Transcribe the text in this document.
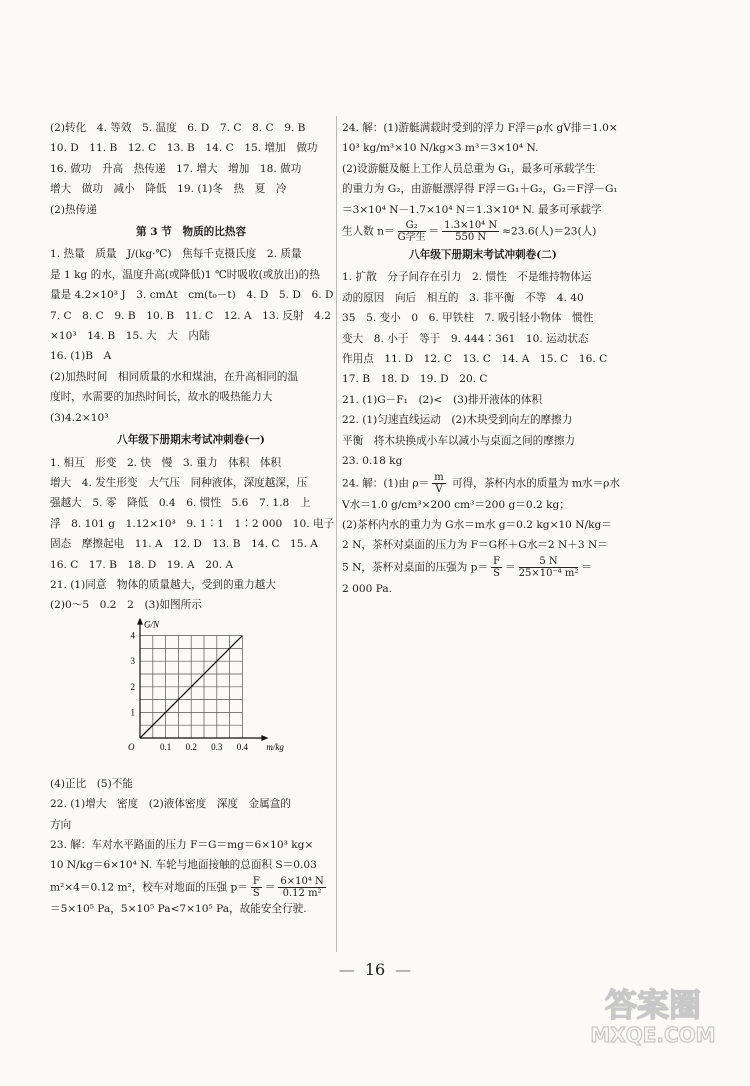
(2)转化　4. 等效　5. 温度　6. D　7. C　8. C　9. B
10. D　11. B　12. C　13. B　14. C　15. 增加　做功
16. 做功　升高　热传递　17. 增大　增加　18. 做功
增大　做功　减小　降低　19. (1)冬　热　夏　冷
(2)热传递
第 3 节　物质的比热容
1. 热量　质量　J/(kg·℃)　焦每千克摄氏度　2. 质量
是 1 kg 的水，温度升高(或降低)1 ℃时吸收(或放出)的热
量是 4.2×10³ J　3. cmΔt　cm(t₀－t)　4. D　5. D　6. D
7. C　8. C　9. B　10. B　11. C　12. A　13. 反射　4.2
×10³　14. B　15. 大　大　内陆
16. (1)B　A
(2)加热时间　相同质量的水和煤油，在升高相同的温
度时，水需要的加热时间长，故水的吸热能力大
(3)4.2×10³
八年级下册期末考试冲刺卷(一)
1. 相互　形变　2. 快　慢　3. 重力　体积　体积
增大　4. 发生形变　大气压　同种液体，深度越深，压
强越大　5. 零　降低　0.4　6. 惯性　5.6　7. 1.8　上
浮　8. 101 g　1.12×10³　9. 1∶1　1∶2 000　10. 电子
固态　摩擦起电　11. A　12. D　13. B　14. C　15. A
16. C　17. B　18. D　19. A　20. A
21. (1)同意　物体的质量越大，受到的重力越大
(2)0～5　0.2　2　(3)如图所示
0.1 0.2 0.3 0.4
1
2
3
4
O
G/N
m/kg
(4)正比　(5)不能
22. (1)增大　密度　(2)液体密度　深度　金属盒的
方向
23. 解：车对水平路面的压力 F＝G＝mg＝6×10³ kg×
10 N/kg＝6×10⁴ N. 车轮与地面接触的总面积 S＝0.03
m²×4＝0.12 m²，校车对地面的压强 $p= \frac{F}{S} = \frac{\text{6×10⁴ N}}{\text{0.12 m²}}$
＝5×10⁵ Pa，5×10⁵ Pa<7×10⁵ Pa，故能安全行驶.
24. 解：(1)游艇满载时受到的浮力 F浮＝ρ水 gV排＝1.0×
10³ kg/m³×10 N/kg×3 m³＝3×10⁴ N.
(2)设游艇及艇上工作人员总重为 G₁，最多可承载学生
的重力为 G₂，由游艇漂浮得 F浮＝G₁＋G₂，G₂＝F浮－G₁
＝3×10⁴ N－1.7×10⁴ N＝1.3×10⁴ N. 最多可承载学
生人数 $n= \frac{\text{G₂}}{\text{G学生}} = \frac{\text{1.3×10⁴ N}}{550 N} \approx 23.6$(人)＝23(人)
八年级下册期末考试冲刺卷(二)
1. 扩散　分子间存在引力　2. 惯性　不是维持物体运
动的原因　向后　相互的　3. 非平衡　不等　4. 40
35　5. 变小　0　6. 甲铁柱　7. 吸引轻小物体　惯性
变大　8. 小于　等于　9. 444∶361　10. 运动状态
作用点　11. D　12. C　13. C　14. A　15. C　16. C
17. B　18. D　19. D　20. C
21. (1)G－F₁　(2)<　(3)排开液体的体积
22. (1)匀速直线运动　(2)木块受到向左的摩擦力
平衡　将木块换成小车以减小与桌面之间的摩擦力
23. 0.18 kg
24. 解：(1)由 $\rho= \frac{m}{V}$ 可得，茶杯内水的质量为 m水＝ρ水
V水＝1.0 g/cm³×200 cm³＝200 g＝0.2 kg；
(2)茶杯内水的重力为 G水＝m水 g＝0.2 kg×10 N/kg＝
2 N，茶杯对桌面的压力为 F＝G杯＋G水＝2 N＋3 N＝
5 N，茶杯对桌面的压强为 $p= \frac{F}{S} = \frac{5 N}{\text{25×10⁻⁴ m²}}$ ＝
2 000 Pa.
— 16 —
答案圈
MXQE.COM
